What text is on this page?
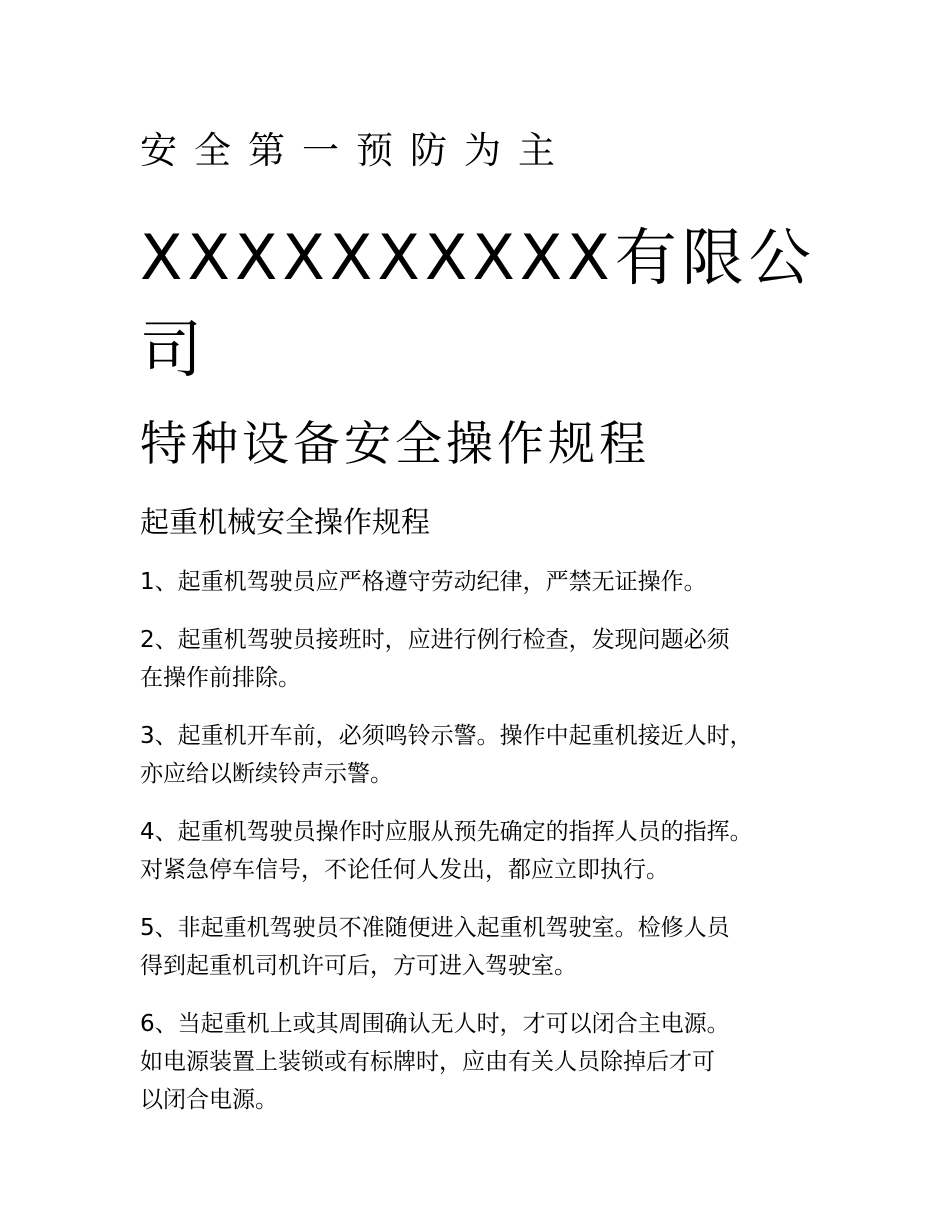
安全第一预防为主
XXXXXXXXXX有限公司
特种设备安全操作规程
起重机械安全操作规程
1、起重机驾驶员应严格遵守劳动纪律，严禁无证操作。
2、起重机驾驶员接班时，应进行例行检查，发现问题必须
在操作前排除。
3、起重机开车前，必须鸣铃示警。操作中起重机接近人时，
亦应给以断续铃声示警。
4、起重机驾驶员操作时应服从预先确定的指挥人员的指挥。
对紧急停车信号，不论任何人发出，都应立即执行。
5、非起重机驾驶员不准随便进入起重机驾驶室。检修人员
得到起重机司机许可后，方可进入驾驶室。
6、当起重机上或其周围确认无人时，才可以闭合主电源。
如电源装置上装锁或有标牌时，应由有关人员除掉后才可
以闭合电源。
